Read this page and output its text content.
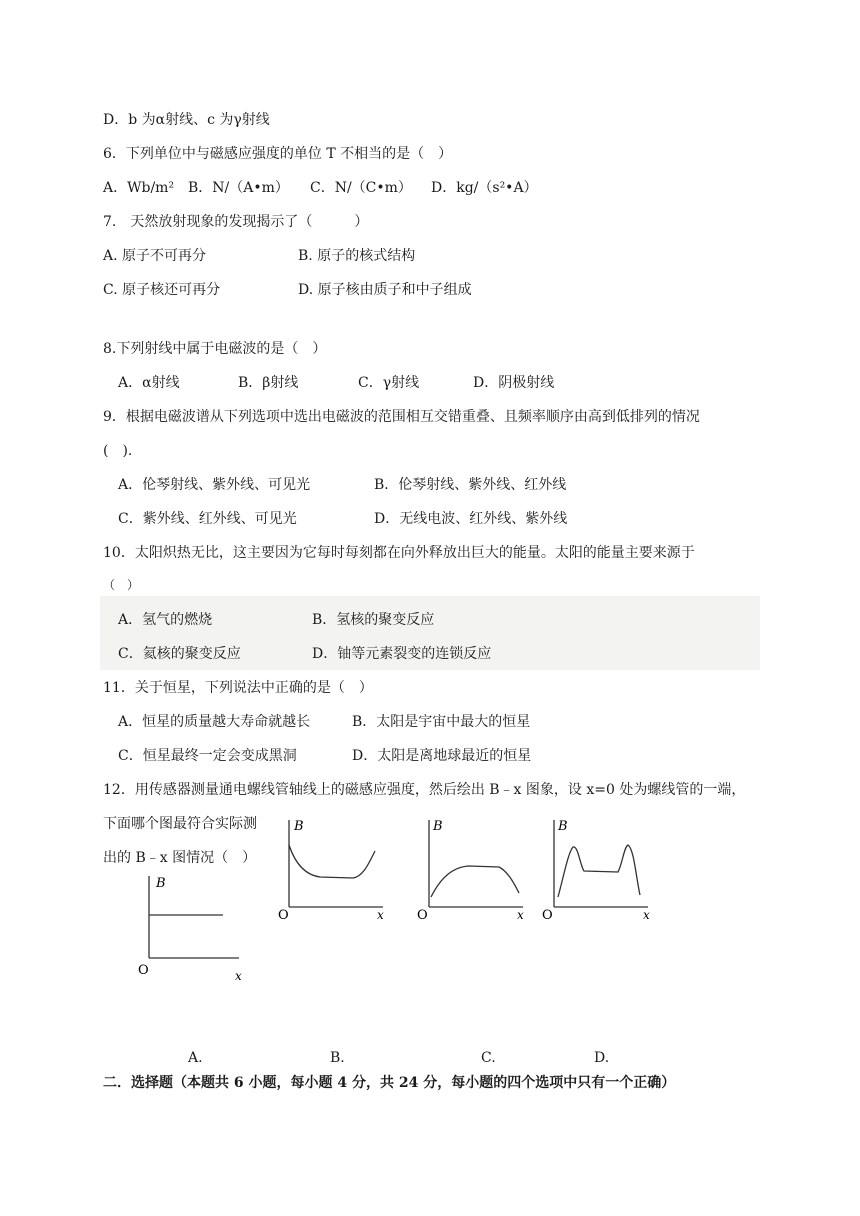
D．b 为α射线、c 为γ射线
6．下列单位中与磁感应强度的单位 T 不相当的是（　）
A．Wb/m² B．N/（A•m） C．N/（C•m） D．kg/（s²•A）
7.　天然放射现象的发现揭示了（　　　）
A. 原子不可再分	B. 原子的核式结构
C. 原子核还可再分	D. 原子核由质子和中子组成
8.下列射线中属于电磁波的是（　）
A．α射线	B．β射线	C．γ射线	D．阴极射线
9．根据电磁波谱从下列选项中选出电磁波的范围相互交错重叠、且频率顺序由高到低排列的情况
(　).
A．伦琴射线、紫外线、可见光	B．伦琴射线、紫外线、红外线
C．紫外线、红外线、可见光	D．无线电波、红外线、紫外线
10．太阳炽热无比，这主要因为它每时每刻都在向外释放出巨大的能量。太阳的能量主要来源于
（　）
A．氢气的燃烧	B．氢核的聚变反应
C．氦核的聚变反应	D．铀等元素裂变的连锁反应
11．关于恒星，下列说法中正确的是（　）
A．恒星的质量越大寿命就越长	B．太阳是宇宙中最大的恒星
C．恒星最终一定会变成黑洞	D．太阳是离地球最近的恒星
12．用传感器测量通电螺线管轴线上的磁感应强度，然后绘出 B﹣x 图象，设 x=0 处为螺线管的一端，
下面哪个图最符合实际测
出的 B﹣x 图情况（　）
B
O	x
B
O	x
B
O	x
B
O	x
A.	B.	C.	D.
二．选择题（本题共 6 小题，每小题 4 分，共 24 分，每小题的四个选项中只有一个正确）
